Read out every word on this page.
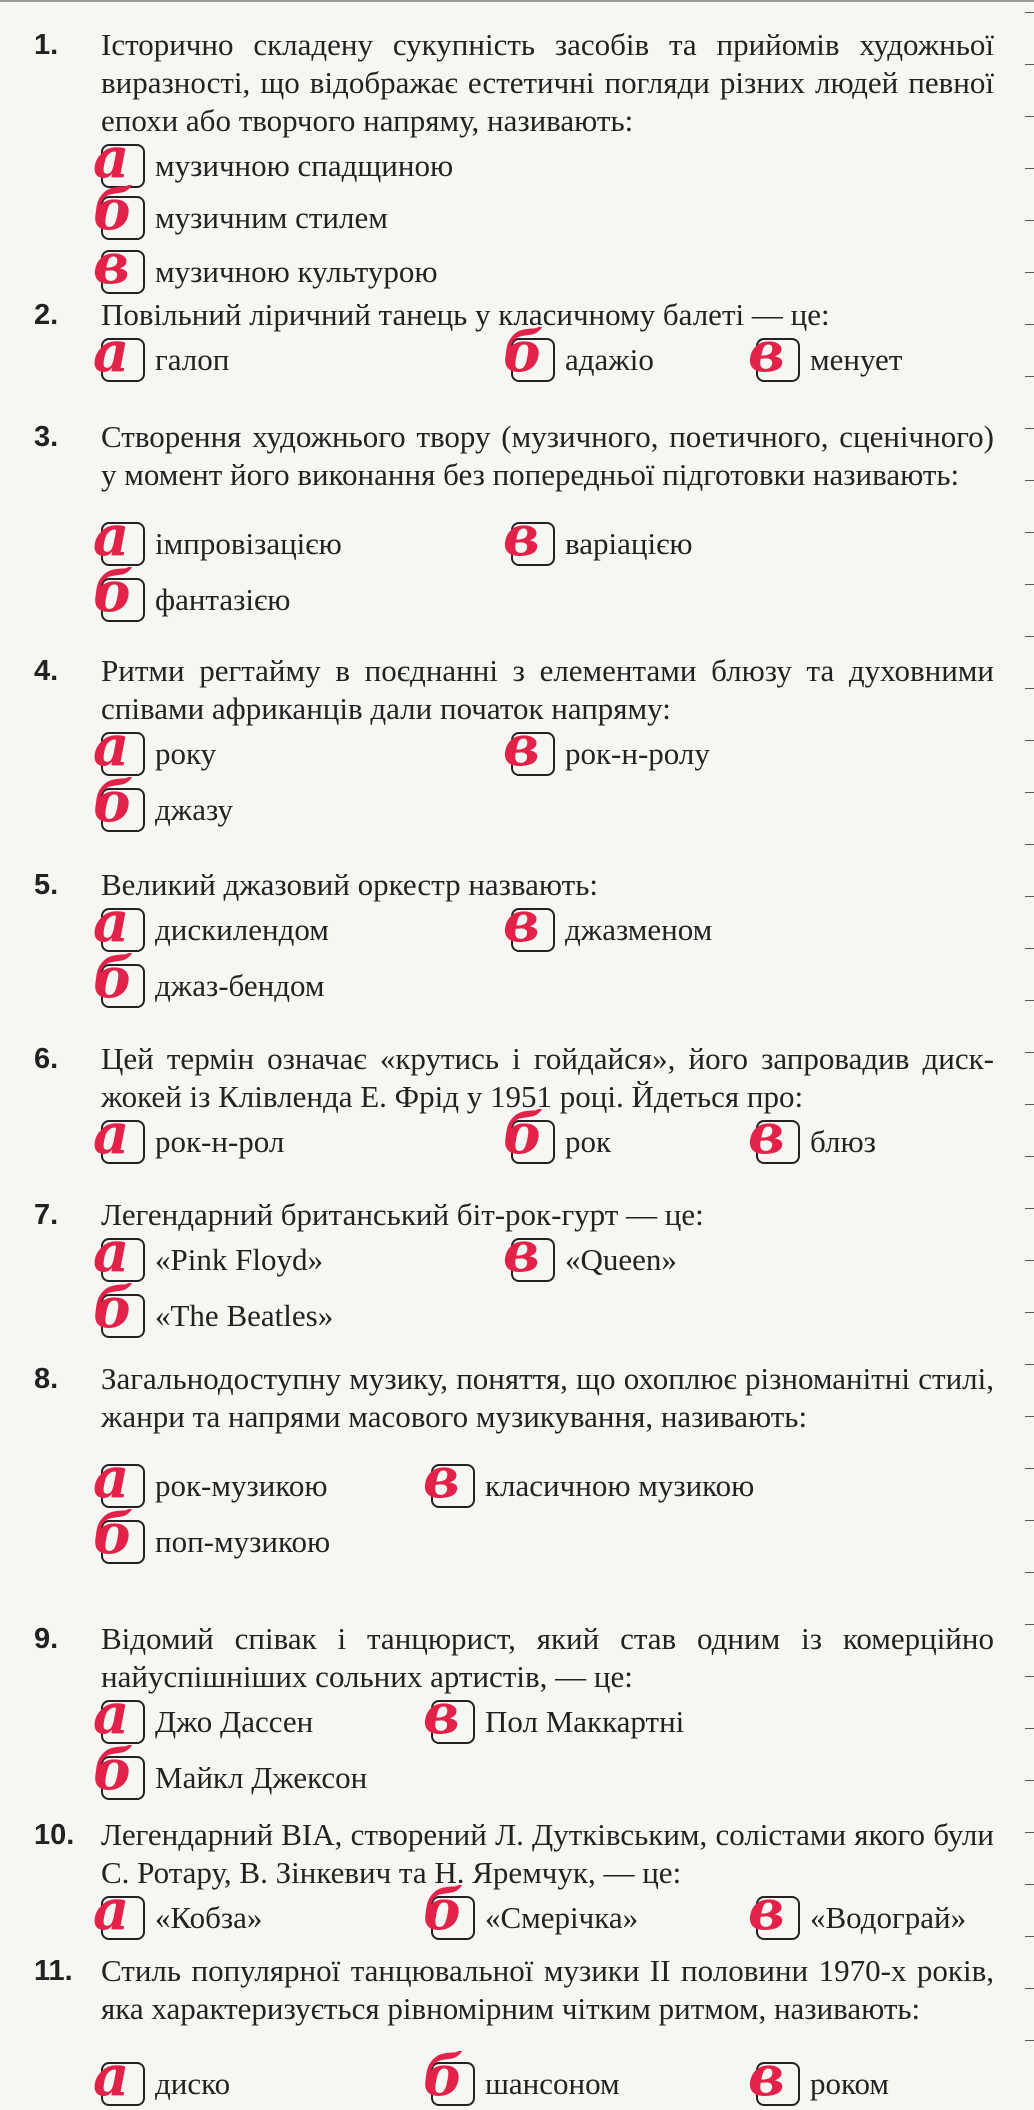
1. Історично складену сукупність засобів та прийомів художньої виразності, що відображає естетичні погляди різних людей певної епохи або творчого напряму, називають:
а музичною спадщиною
б музичним стилем
в музичною культурою
2. Повільний ліричний танець у класичному балеті — це:
а галоп	б адажіо в менует
3. Створення художнього твору (музичного, поетичного, сценічного) у момент його виконання без попередньої підготовки називають:
а імпровізацією	в варіацією
б фантазією
4. Ритми регтайму в поєднанні з елементами блюзу та духовними співами африканців дали початок напряму:
а року	в рок-н-ролу
б джазу
5. Великий джазовий оркестр назвають:
а дискилендом	в джазменом
б джаз-бендом
6. Цей термін означає «крутись і гойдайся», його запровадив диск-жокей із Клівленда Е. Фрід у 1951 році. Йдеться про:
а рок-н-рол	б рок в блюз
7. Легендарний британський біт-рок-гурт — це:
а «Pink Floyd»	в «Queen»
б «The Beatles»
8. Загальнодоступну музику, поняття, що охоплює різноманітні стилі, жанри та напрями масового музикування, називають:
а рок-музикою в класичною музикою
б поп-музикою
9. Відомий співак і танцюрист, який став одним із комерційно найуспішніших сольних артистів, — це:
а Джо Дассен в Пол Маккартні
б Майкл Джексон
10. Легендарний ВІА, створений Л. Дутківським, солістами якого були С. Ротару, В. Зінкевич та Н. Яремчук, — це:
а «Кобза»	б «Смерічка» в «Водограй»
11. Стиль популярної танцювальної музики II половини 1970-х років, яка характеризується рівномірним чітким ритмом, називають:
а диско	б шансоном в роком
